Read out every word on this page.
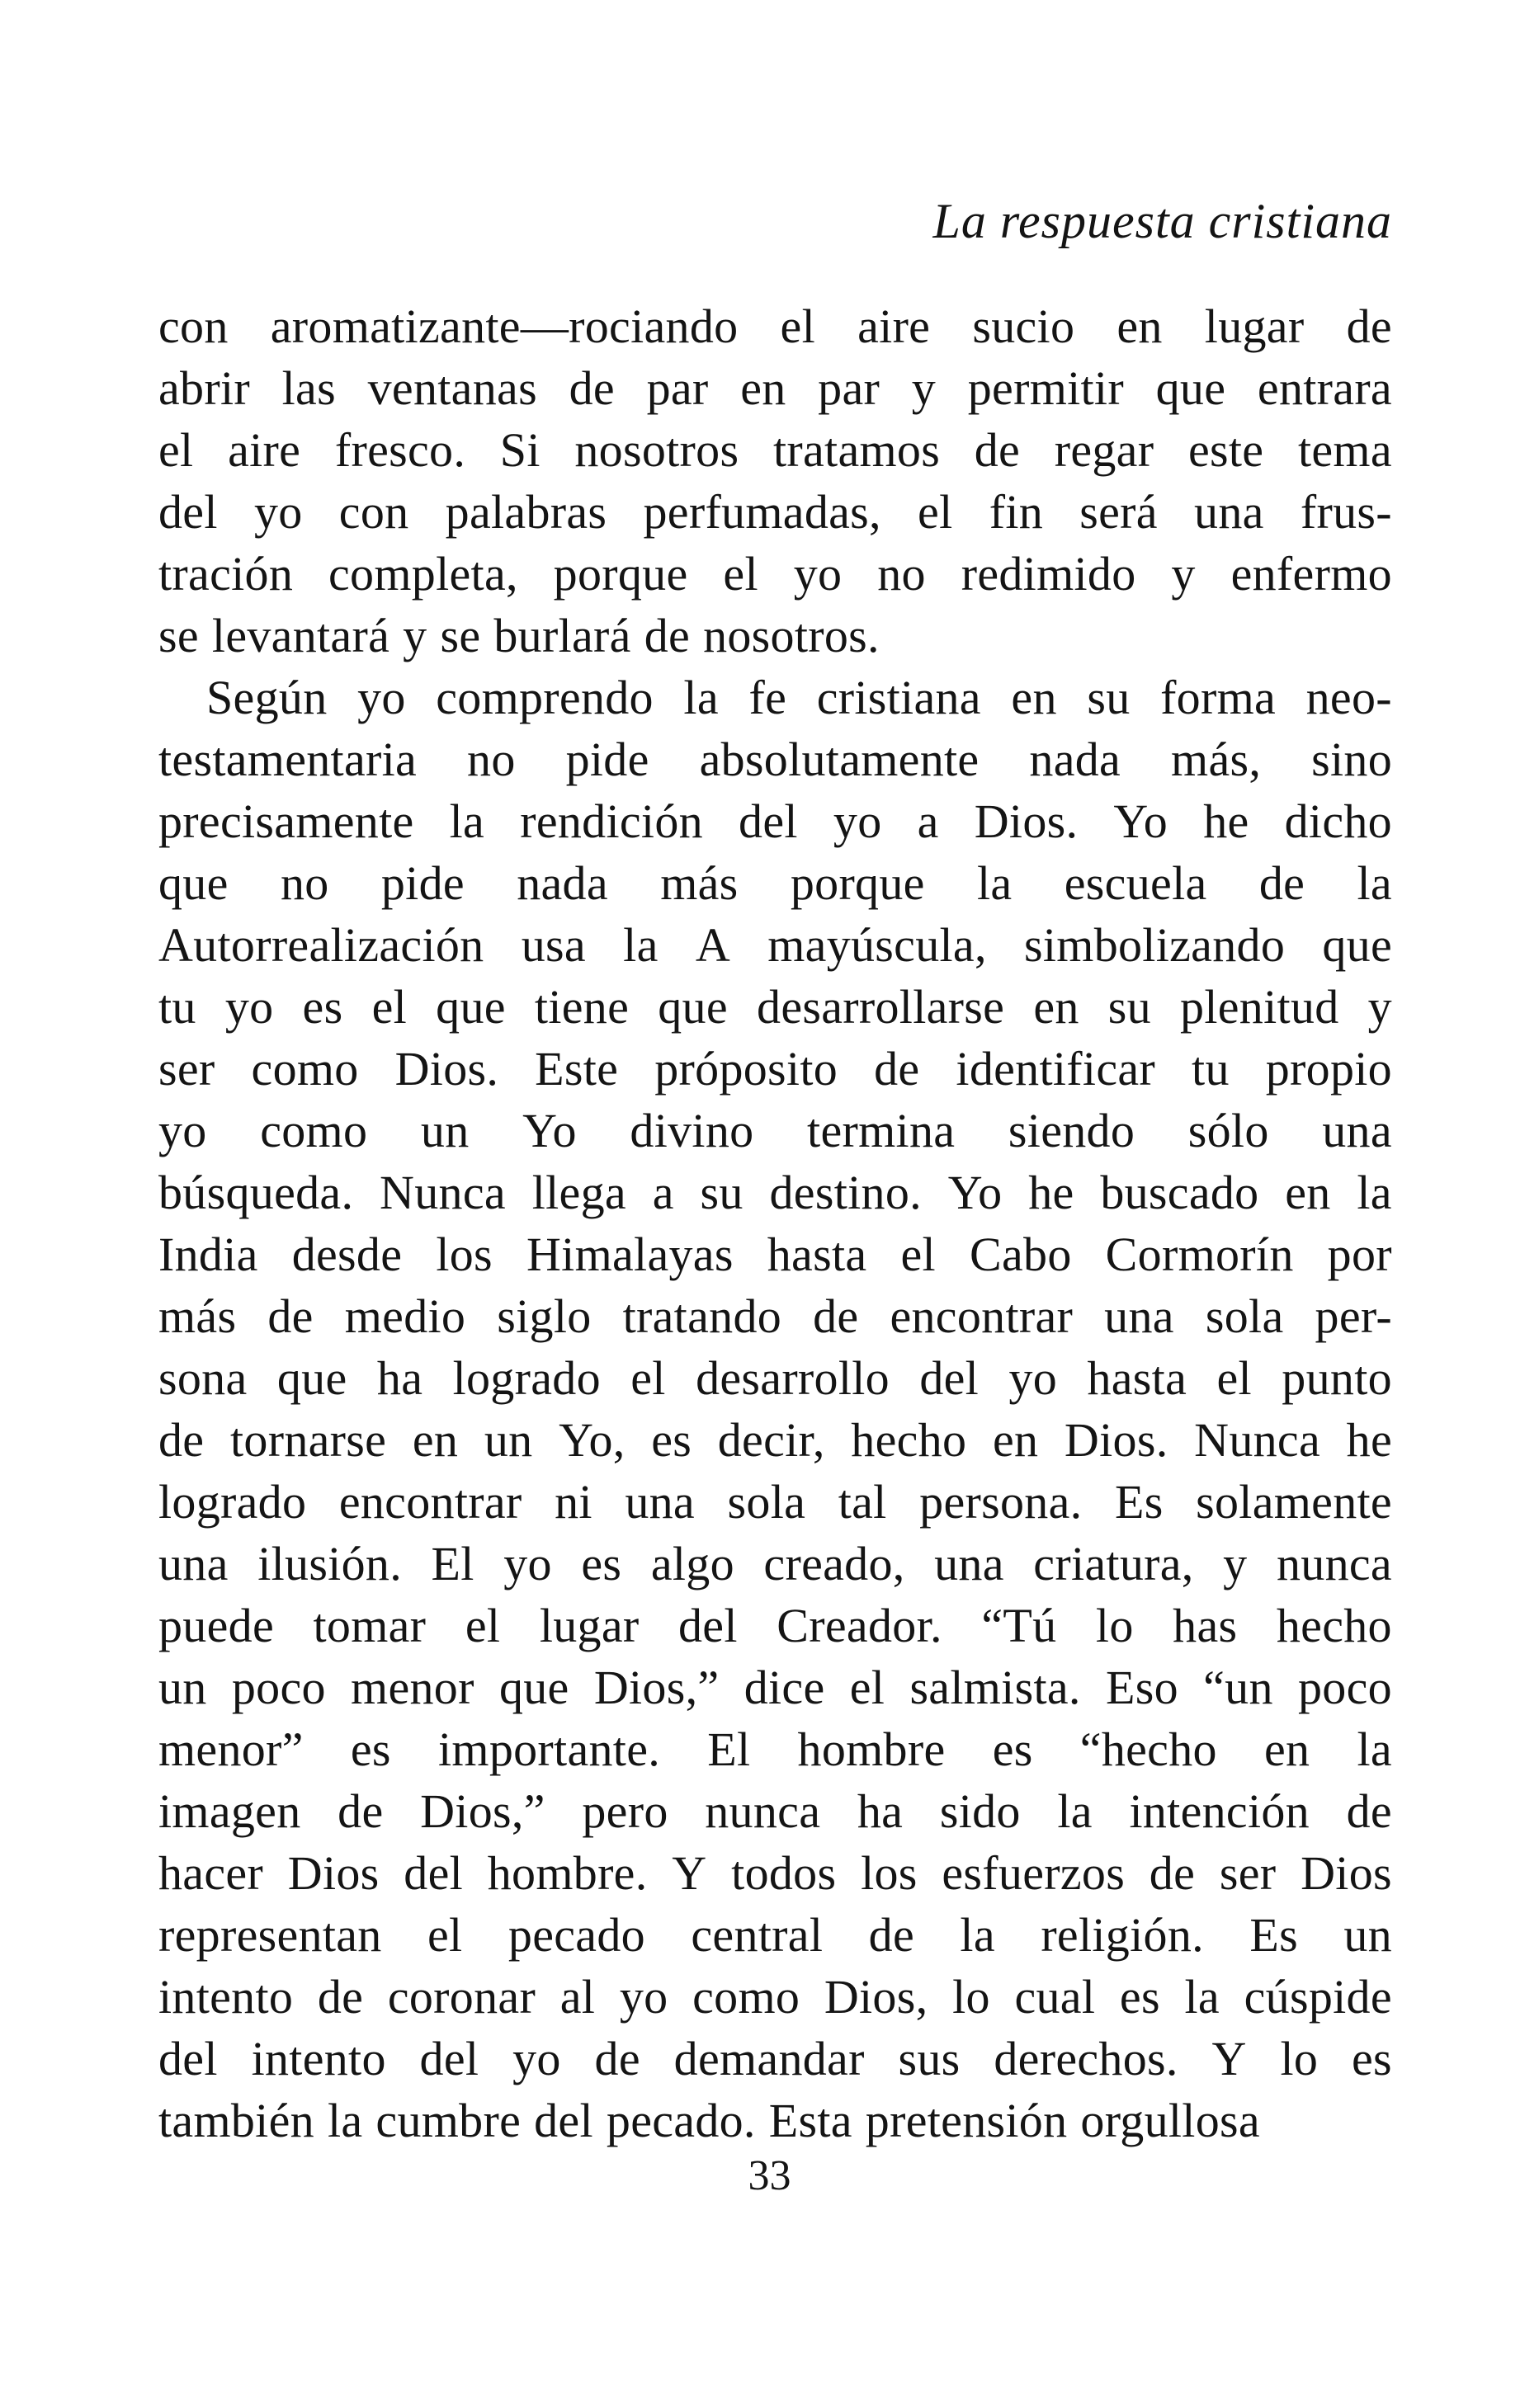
La respuesta cristiana
con aromatizante—rociando el aire sucio en lugar de
abrir las ventanas de par en par y permitir que entrara
el aire fresco. Si nosotros tratamos de regar este tema
del yo con palabras perfumadas, el fin será una frus-
tración completa, porque el yo no redimido y enfermo
se levantará y se burlará de nosotros.
Según yo comprendo la fe cristiana en su forma neo-
testamentaria no pide absolutamente nada más, sino
precisamente la rendición del yo a Dios. Yo he dicho
que no pide nada más porque la escuela de la
Autorrealización usa la A mayúscula, simbolizando que
tu yo es el que tiene que desarrollarse en su plenitud y
ser como Dios. Este próposito de identificar tu propio
yo como un Yo divino termina siendo sólo una
búsqueda. Nunca llega a su destino. Yo he buscado en la
India desde los Himalayas hasta el Cabo Cormorín por
más de medio siglo tratando de encontrar una sola per-
sona que ha logrado el desarrollo del yo hasta el punto
de tornarse en un Yo, es decir, hecho en Dios. Nunca he
logrado encontrar ni una sola tal persona. Es solamente
una ilusión. El yo es algo creado, una criatura, y nunca
puede tomar el lugar del Creador. “Tú lo has hecho
un poco menor que Dios,” dice el salmista. Eso “un poco
menor” es importante. El hombre es “hecho en la
imagen de Dios,” pero nunca ha sido la intención de
hacer Dios del hombre. Y todos los esfuerzos de ser Dios
representan el pecado central de la religión. Es un
intento de coronar al yo como Dios, lo cual es la cúspide
del intento del yo de demandar sus derechos. Y lo es
también la cumbre del pecado. Esta pretensión orgullosa
33
